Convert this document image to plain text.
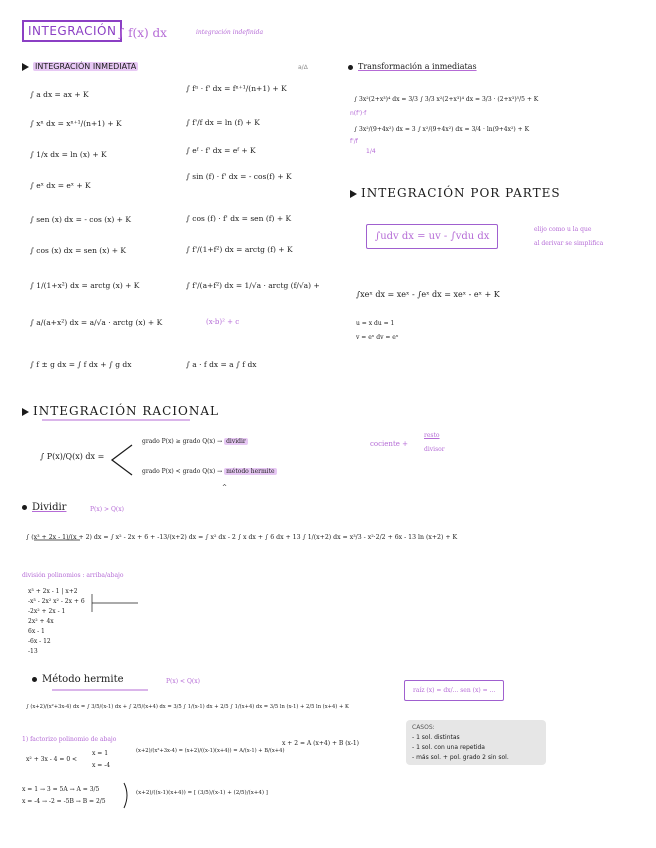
INTEGRACIÓN ∫ f(x) dx	integración indefinida
INTEGRACIÓN INMEDIATA	a/∆
∫ a dx = ax + K
∫ xⁿ dx = xⁿ⁺¹/(n+1) + K
∫ 1/x dx = ln (x) + K
∫ eˣ dx = eˣ + K
∫ sen (x) dx = - cos (x) + K
∫ cos (x) dx = sen (x) + K
∫ 1/(1+x²) dx = arctg (x) + K
∫ a/(a+x²) dx = a/√a · arctg (x) + K
∫ f ± g dx = ∫ f dx + ∫ g dx
∫ fⁿ · f' dx = fⁿ⁺¹/(n+1) + K
∫ f'/f dx = ln (f) + K
∫ eᶠ · f' dx = eᶠ + K
∫ sin (f) · f' dx = - cos(f) + K
∫ cos (f) · f' dx = sen (f) + K
∫ f'/(1+f²) dx = arctg (f) + K
∫ f'/(a+f²) dx = 1/√a · arctg (f/√a) +
∫ a · f dx = a ∫ f dx
(x-b)² + c
Transformación a inmediatas
∫ 3x²(2+x³)⁴ dx = 3/3 ∫ 3/3 x²(2+x³)⁴ dx = 3/3 · (2+x³)⁵/5 + K
n(f')·f
∫ 3x²/(9+4x²) dx = 3 ∫ x²/(9+4x²) dx = 3/4 · ln(9+4x²) + K
f'/f
1/4
INTEGRACIÓN POR PARTES
∫udv dx = uv - ∫vdu dx
elijo como u la que
al derivar se simplifica
∫xeˣ dx = xeˣ - ∫eˣ dx = xeˣ - eˣ + K
u = x du = 1
v = eˣ dv = eˣ
INTEGRACIÓN RACIONAL
∫ P(x)/Q(x) dx =
grado P(x) ≥ grado Q(x) → dividir
grado P(x) < grado Q(x) → método hermite
cociente +
resto
divisor
^
Dividir	P(x) > Q(x)
∫ (x³ + 2x - 1)/(x + 2) dx = ∫ x² - 2x + 6 + -13/(x+2) dx = ∫ x² dx - 2 ∫ x dx + ∫ 6 dx + 13 ∫ 1/(x+2) dx = x³/3 - x²·2/2 + 6x - 13 ln (x+2) + K
división polinomios : arriba/abajo
x³ + 2x - 1 | x+2
-x³ - 2x² x² - 2x + 6
-2x² + 2x - 1
2x² + 4x
6x - 1
-6x - 12
-13
Método hermite	P(x) < Q(x)
∫ (x+2)/(x²+3x-4) dx = ∫ 3/5/(x-1) dx + ∫ 2/5/(x+4) dx = 3/5 ∫ 1/(x-1) dx + 2/5 ∫ 1/(x+4) dx = 3/5 ln (x-1) + 2/5 ln (x+4) + K
1) factorizo polinomio de abajo
x² + 3x - 4 = 0 <
x = 1
x = -4
(x+2)/(x²+3x-4) = (x+2)/((x-1)(x+4)) = A/(x-1) + B/(x+4)
x + 2 = A (x+4) + B (x-1)
x = 1 → 3 = 5A → A = 3/5
x = -4 → -2 = -5B → B = 2/5
(x+2)/((x-1)(x+4)) = [ (3/5)/(x-1) + (2/5)/(x+4) ]
raíz (x) = dx/... sen (x) = ...
CASOS:
- 1 sol. distintas
- 1 sol. con una repetida
- más sol. + pol. grado 2 sin sol.
